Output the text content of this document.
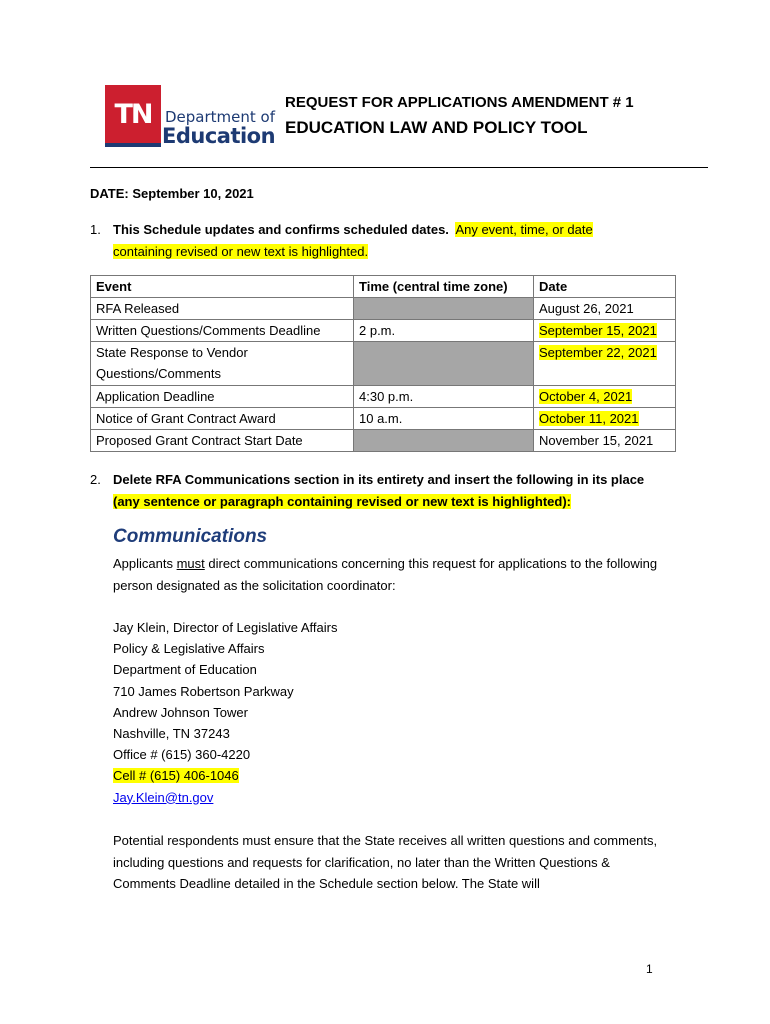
TN Department of
Education
REQUEST FOR APPLICATIONS AMENDMENT # 1
EDUCATION LAW AND POLICY TOOL
DATE: September 10, 2021
1. This Schedule updates and confirms scheduled dates. Any event, time, or date containing revised or new text is highlighted.
Event	Time (central time zone)	Date
RFA Released		August 26, 2021
Written Questions/Comments Deadline	2 p.m.	September 15, 2021
State Response to Vendor Questions/Comments		September 22, 2021
Application Deadline	4:30 p.m.	October 4, 2021
Notice of Grant Contract Award	10 a.m.	October 11, 2021
Proposed Grant Contract Start Date		November 15, 2021
2. Delete RFA Communications section in its entirety and insert the following in its place
(any sentence or paragraph containing revised or new text is highlighted):
Communications
Applicants must direct communications concerning this request for applications to the following person designated as the solicitation coordinator:
Jay Klein, Director of Legislative Affairs
Policy & Legislative Affairs
Department of Education
710 James Robertson Parkway
Andrew Johnson Tower
Nashville, TN 37243
Office # (615) 360-4220
Cell # (615) 406-1046
Jay.Klein@tn.gov
Potential respondents must ensure that the State receives all written questions and comments, including questions and requests for clarification, no later than the Written Questions & Comments Deadline detailed in the Schedule section below. The State will
1
